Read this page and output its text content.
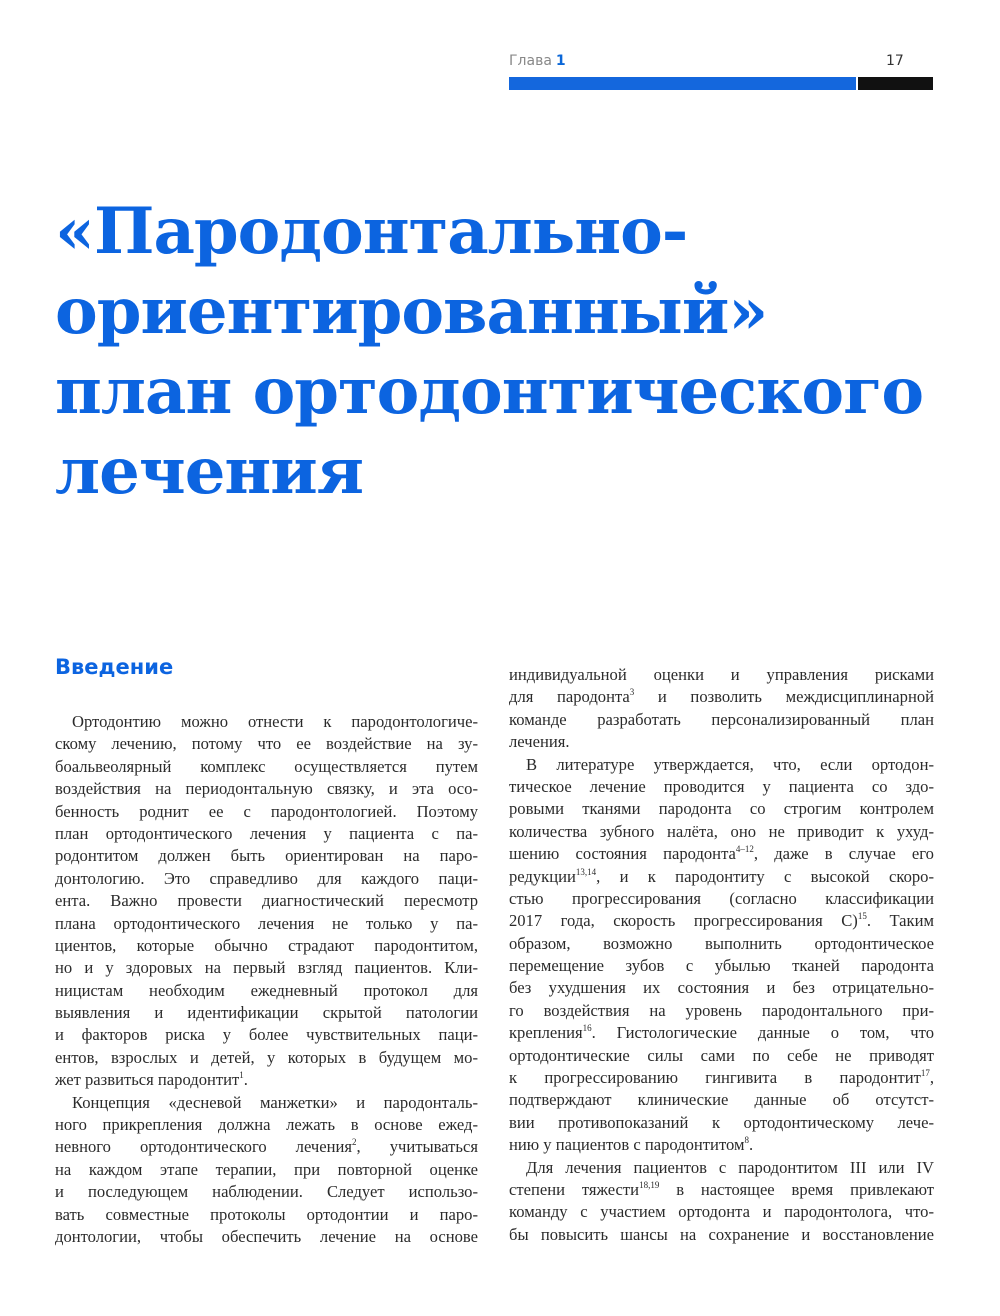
Глава 1	17
«Пародонтально-
ориентированный»
план ортодонтического
лечения
Введение
Ортодонтию можно отнести к пародонтологиче-
скому лечению, потому что ее воздействие на зу-
боальвеолярный комплекс осуществляется путем
воздействия на периодонтальную связку, и эта осо-
бенность роднит ее с пародонтологией. Поэтому
план ортодонтического лечения у пациента с па-
родонтитом должен быть ориентирован на паро-
донтологию. Это справедливо для каждого паци-
ента. Важно провести диагностический пересмотр
плана ортодонтического лечения не только у па-
циентов, которые обычно страдают пародонтитом,
но и у здоровых на первый взгляд пациентов. Кли-
ницистам необходим ежедневный протокол для
выявления и идентификации скрытой патологии
и факторов риска у более чувствительных паци-
ентов, взрослых и детей, у которых в будущем мо-
жет развиться пародонтит$^1$.
Концепция «десневой манжетки» и пародонталь-
ного прикрепления должна лежать в основе ежед-
невного ортодонтического лечения$^2$, учитываться
на каждом этапе терапии, при повторной оценке
и последующем наблюдении. Следует использо-
вать совместные протоколы ортодонтии и паро-
донтологии, чтобы обеспечить лечение на основе
индивидуальной оценки и управления рисками
для пародонта$^3$ и позволить междисциплинарной
команде разработать персонализированный план
лечения.
В литературе утверждается, что, если ортодон-
тическое лечение проводится у пациента со здо-
ровыми тканями пародонта со строгим контролем
количества зубного налёта, оно не приводит к ухуд-
шению состояния пародонта$^{4-12}$, даже в случае его
редукции$^{13,14}$, и к пародонтиту с высокой скоро-
стью прогрессирования (согласно классификации
2017 года, скорость прогрессирования C)$^{15}$. Таким
образом, возможно выполнить ортодонтическое
перемещение зубов с убылью тканей пародонта
без ухудшения их состояния и без отрицательно-
го воздействия на уровень пародонтального при-
крепления$^{16}$. Гистологические данные о том, что
ортодонтические силы сами по себе не приводят
к прогрессированию гингивита в пародонтит$^{17}$,
подтверждают клинические данные об отсутст-
вии противопоказаний к ортодонтическому лече-
нию у пациентов с пародонтитом$^8$.
Для лечения пациентов с пародонтитом III или IV
степени тяжести$^{18,19}$ в настоящее время привлекают
команду с участием ортодонта и пародонтолога, что-
бы повысить шансы на сохранение и восстановление
